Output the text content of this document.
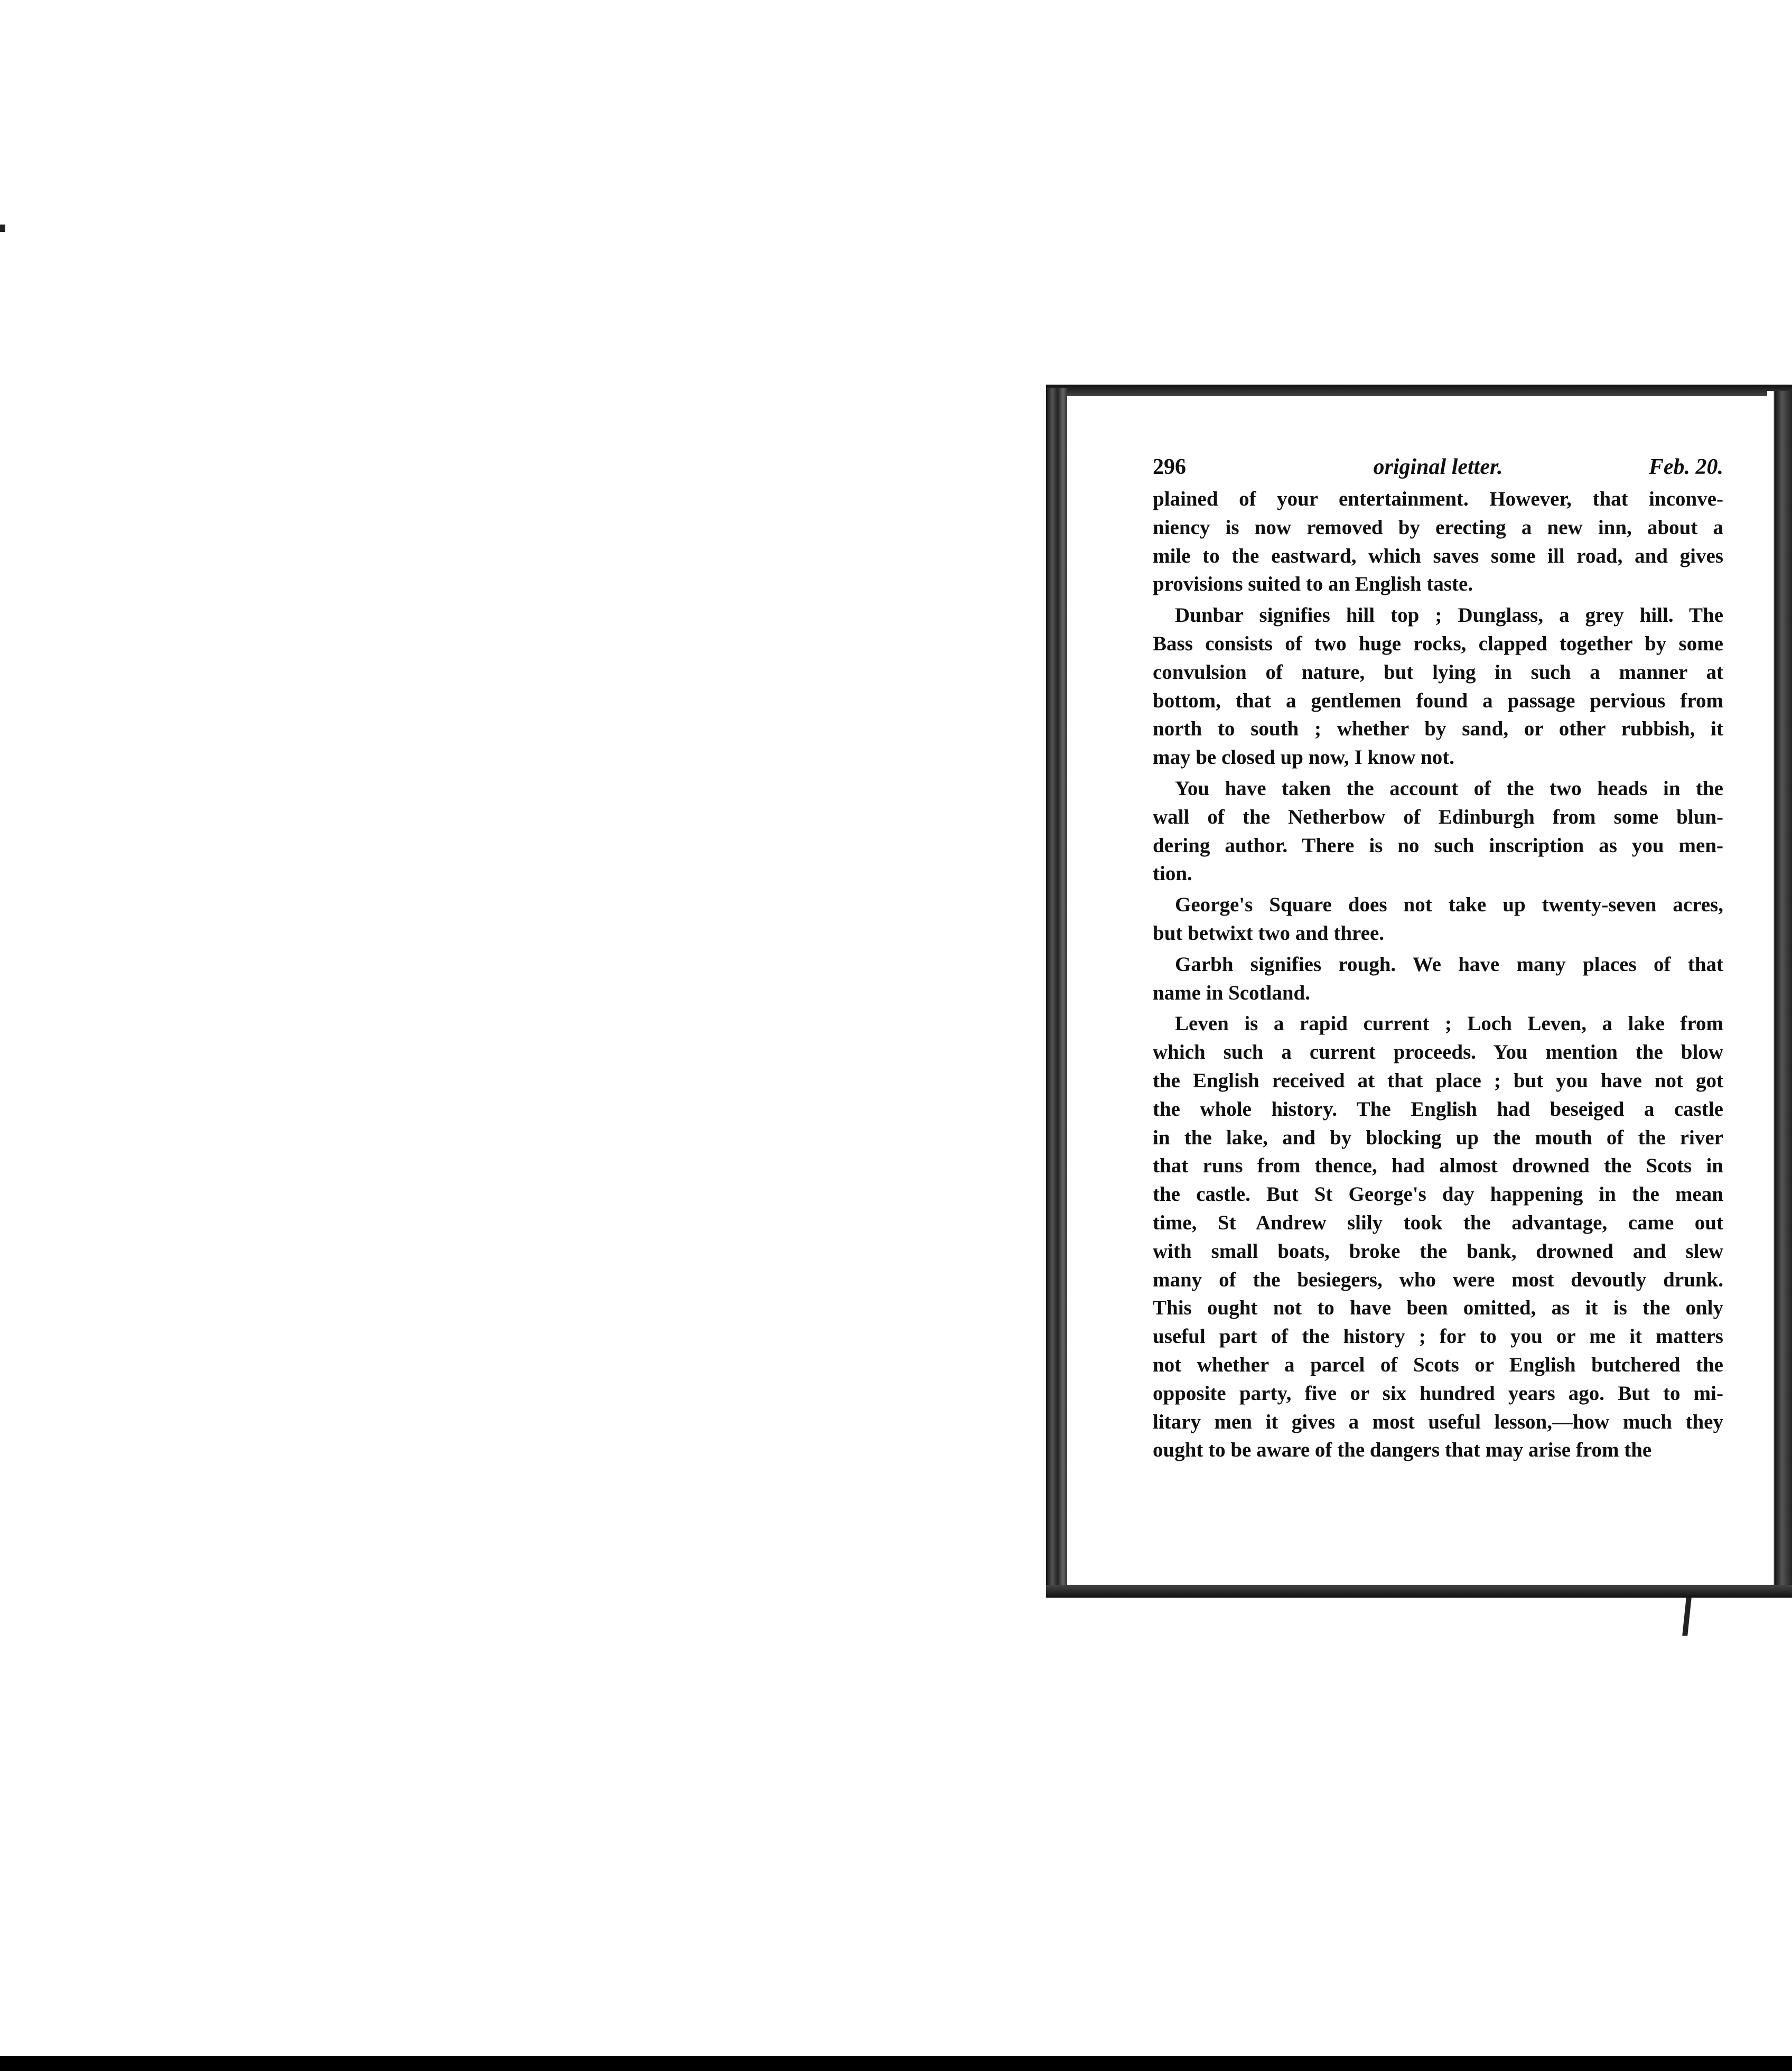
296	original letter.	Feb. 20.
plained of your entertainment. However, that inconve-
niency is now removed by erecting a new inn, about a
mile to the eastward, which saves some ill road, and gives
provisions suited to an English taste.
Dunbar signifies hill top ; Dunglass, a grey hill. The
Bass consists of two huge rocks, clapped together by some
convulsion of nature, but lying in such a manner at
bottom, that a gentlemen found a passage pervious from
north to south ; whether by sand, or other rubbish, it
may be closed up now, I know not.
You have taken the account of the two heads in the
wall of the Netherbow of Edinburgh from some blun-
dering author. There is no such inscription as you men-
tion.
George's Square does not take up twenty-seven acres,
but betwixt two and three.
Garbh signifies rough. We have many places of that
name in Scotland.
Leven is a rapid current ; Loch Leven, a lake from
which such a current proceeds. You mention the blow
the English received at that place ; but you have not got
the whole history. The English had beseiged a castle
in the lake, and by blocking up the mouth of the river
that runs from thence, had almost drowned the Scots in
the castle. But St George's day happening in the mean
time, St Andrew slily took the advantage, came out
with small boats, broke the bank, drowned and slew
many of the besiegers, who were most devoutly drunk.
This ought not to have been omitted, as it is the only
useful part of the history ; for to you or me it matters
not whether a parcel of Scots or English butchered the
opposite party, five or six hundred years ago. But to mi-
litary men it gives a most useful lesson,—how much they
ought to be aware of the dangers that may arise from the
